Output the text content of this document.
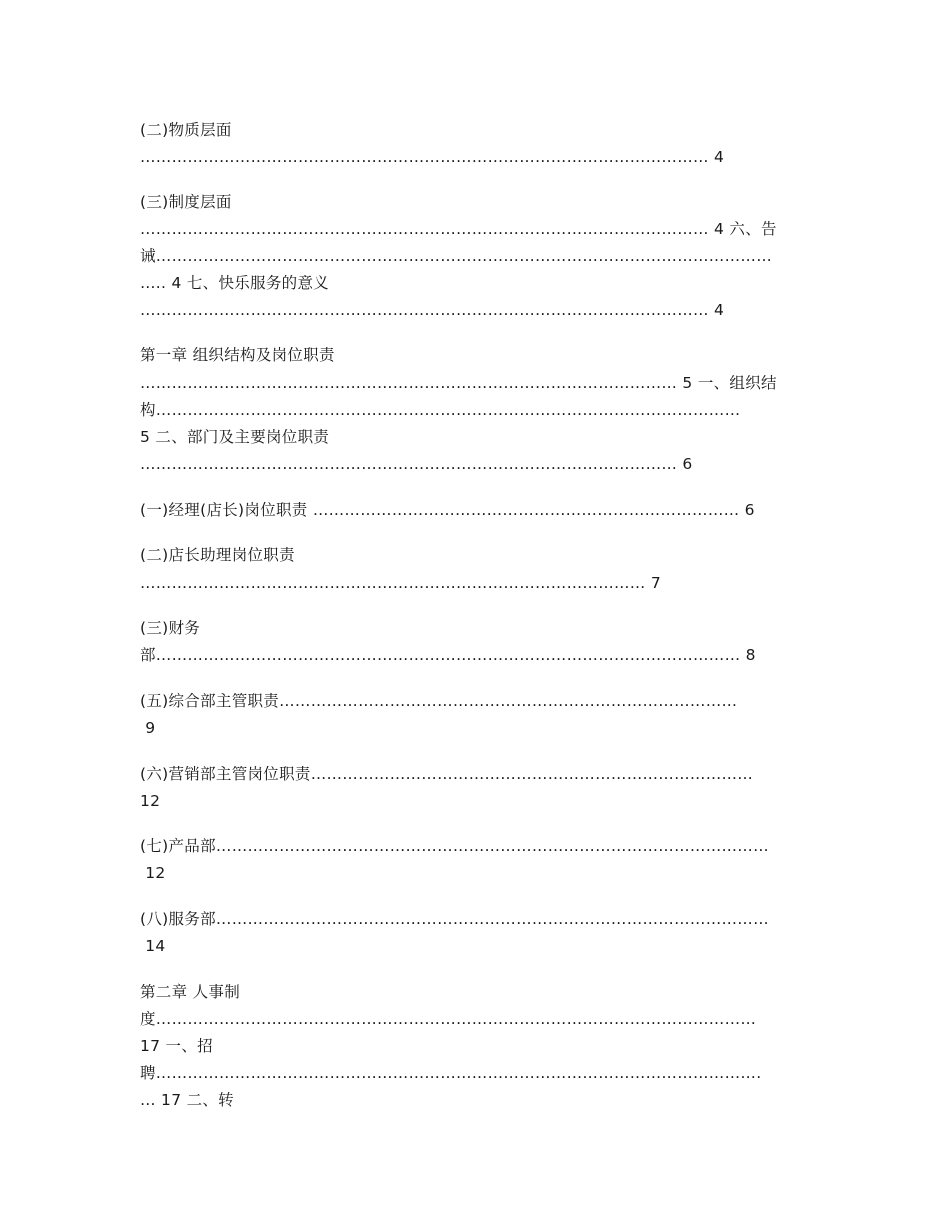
(二)物质层面
……………………………………………………………………………………………… 4
(三)制度层面
……………………………………………………………………………………………… 4 六、告
诫………………………………………………………………………………………………………
….. 4 七、快乐服务的意义
……………………………………………………………………………………………… 4
第一章 组织结构及岗位职责
………………………………………………………………………………………… 5 一、组织结
构…………………………………………………………………………………………………
5 二、部门及主要岗位职责
………………………………………………………………………………………… 6
(一)经理(店长)岗位职责 ……………………………………………………………………… 6
(二)店长助理岗位职责
…………………………………………………………………………………… 7
(三)财务
部………………………………………………………………………………………………… 8
(五)综合部主管职责……………………………………………………………………………
9
(六)营销部主管岗位职责…………………………………………………………………………
12
(七)产品部……………………………………………………………………………………………
12
(八)服务部……………………………………………………………………………………………
14
第二章 人事制
度……………………………………………………………………………………………………
17 一、招
聘…………………………………………………………………………………………………….
… 17 二、转
